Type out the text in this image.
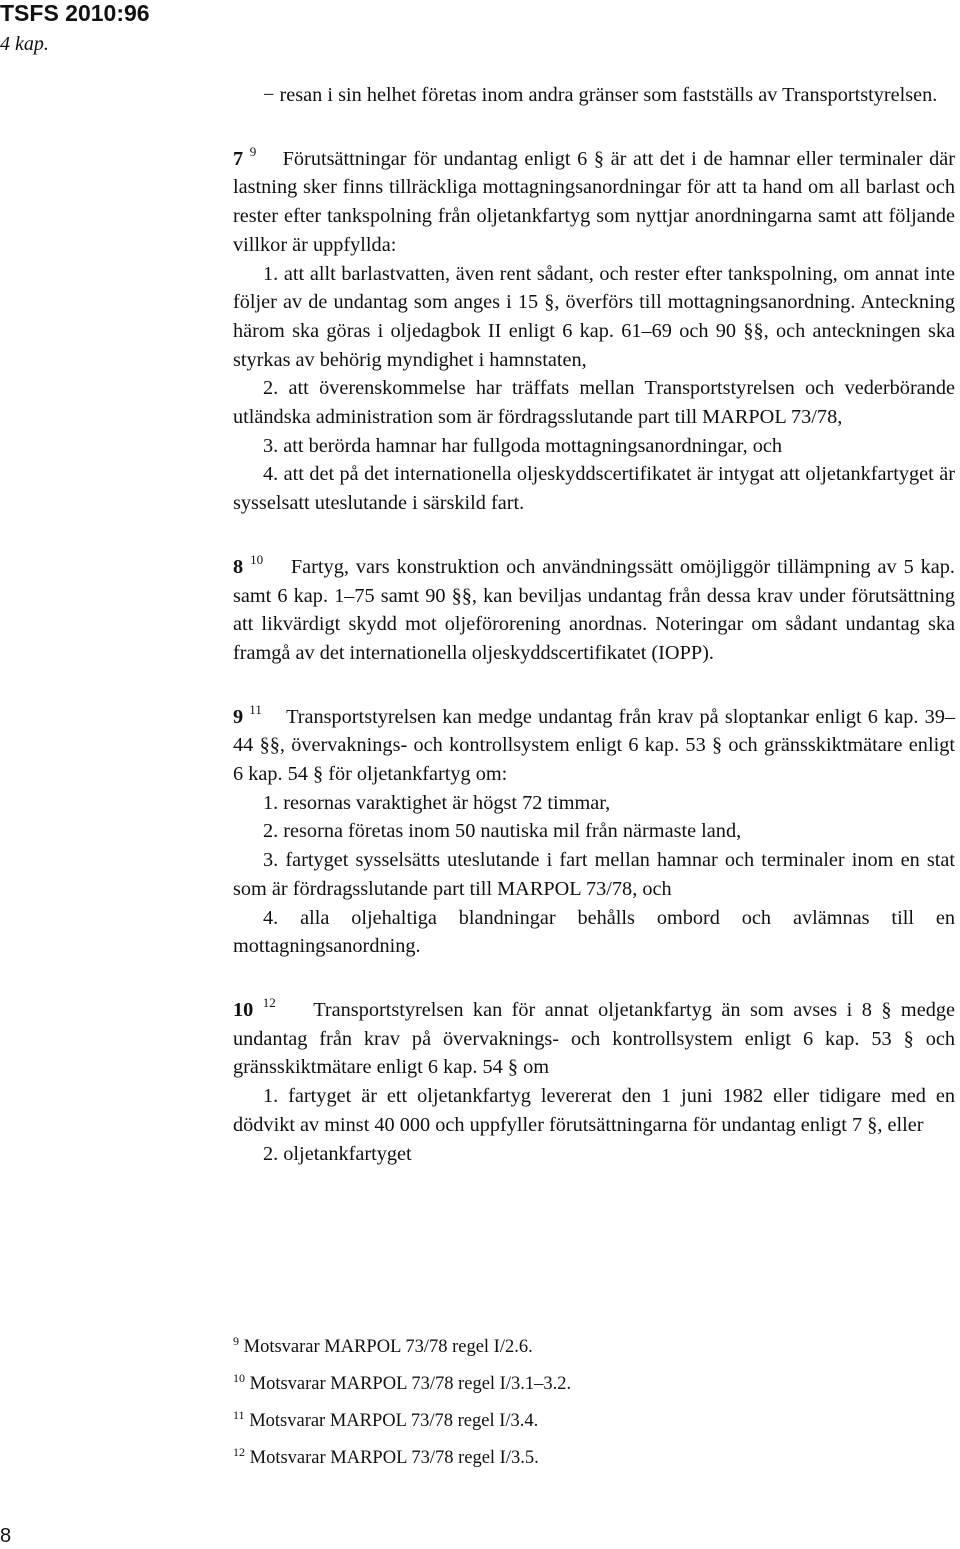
TSFS 2010:96
4 kap.
− resan i sin helhet företas inom andra gränser som fastställs av Transportstyrelsen.
7 $^9$ Förutsättningar för undantag enligt 6 § är att det i de hamnar eller terminaler där lastning sker finns tillräckliga mottagningsanordningar för att ta hand om all barlast och rester efter tankspolning från oljetankfartyg som nyttjar anordningarna samt att följande villkor är uppfyllda:
1. att allt barlastvatten, även rent sådant, och rester efter tankspolning, om annat inte följer av de undantag som anges i 15 §, överförs till mottagningsanordning. Anteckning härom ska göras i oljedagbok II enligt 6 kap. 61–69 och 90 §§, och anteckningen ska styrkas av behörig myndighet i hamnstaten,
2. att överenskommelse har träffats mellan Transportstyrelsen och vederbörande utländska administration som är fördragsslutande part till MARPOL 73/78,
3. att berörda hamnar har fullgoda mottagningsanordningar, och
4. att det på det internationella oljeskyddscertifikatet är intygat att oljetankfartyget är sysselsatt uteslutande i särskild fart.
8 $^{10}$ Fartyg, vars konstruktion och användningssätt omöjliggör tillämpning av 5 kap. samt 6 kap. 1–75 samt 90 §§, kan beviljas undantag från dessa krav under förutsättning att likvärdigt skydd mot oljeförorening anordnas. Noteringar om sådant undantag ska framgå av det internationella oljeskyddscertifikatet (IOPP).
9 $^{11}$ Transportstyrelsen kan medge undantag från krav på sloptankar enligt 6 kap. 39–44 §§, övervaknings- och kontrollsystem enligt 6 kap. 53 § och gränsskiktmätare enligt 6 kap. 54 § för oljetankfartyg om:
1. resornas varaktighet är högst 72 timmar,
2. resorna företas inom 50 nautiska mil från närmaste land,
3. fartyget sysselsätts uteslutande i fart mellan hamnar och terminaler inom en stat som är fördragsslutande part till MARPOL 73/78, och
4. alla oljehaltiga blandningar behålls ombord och avlämnas till en mottagningsanordning.
10 $^{12}$ Transportstyrelsen kan för annat oljetankfartyg än som avses i 8 § medge undantag från krav på övervaknings- och kontrollsystem enligt 6 kap. 53 § och gränsskiktmätare enligt 6 kap. 54 § om
1. fartyget är ett oljetankfartyg levererat den 1 juni 1982 eller tidigare med en dödvikt av minst 40 000 och uppfyller förutsättningarna för undantag enligt 7 §, eller
2. oljetankfartyget
$^9$ Motsvarar MARPOL 73/78 regel I/2.6.
$^{10}$ Motsvarar MARPOL 73/78 regel I/3.1–3.2.
$^{11}$ Motsvarar MARPOL 73/78 regel I/3.4.
$^{12}$ Motsvarar MARPOL 73/78 regel I/3.5.
8
